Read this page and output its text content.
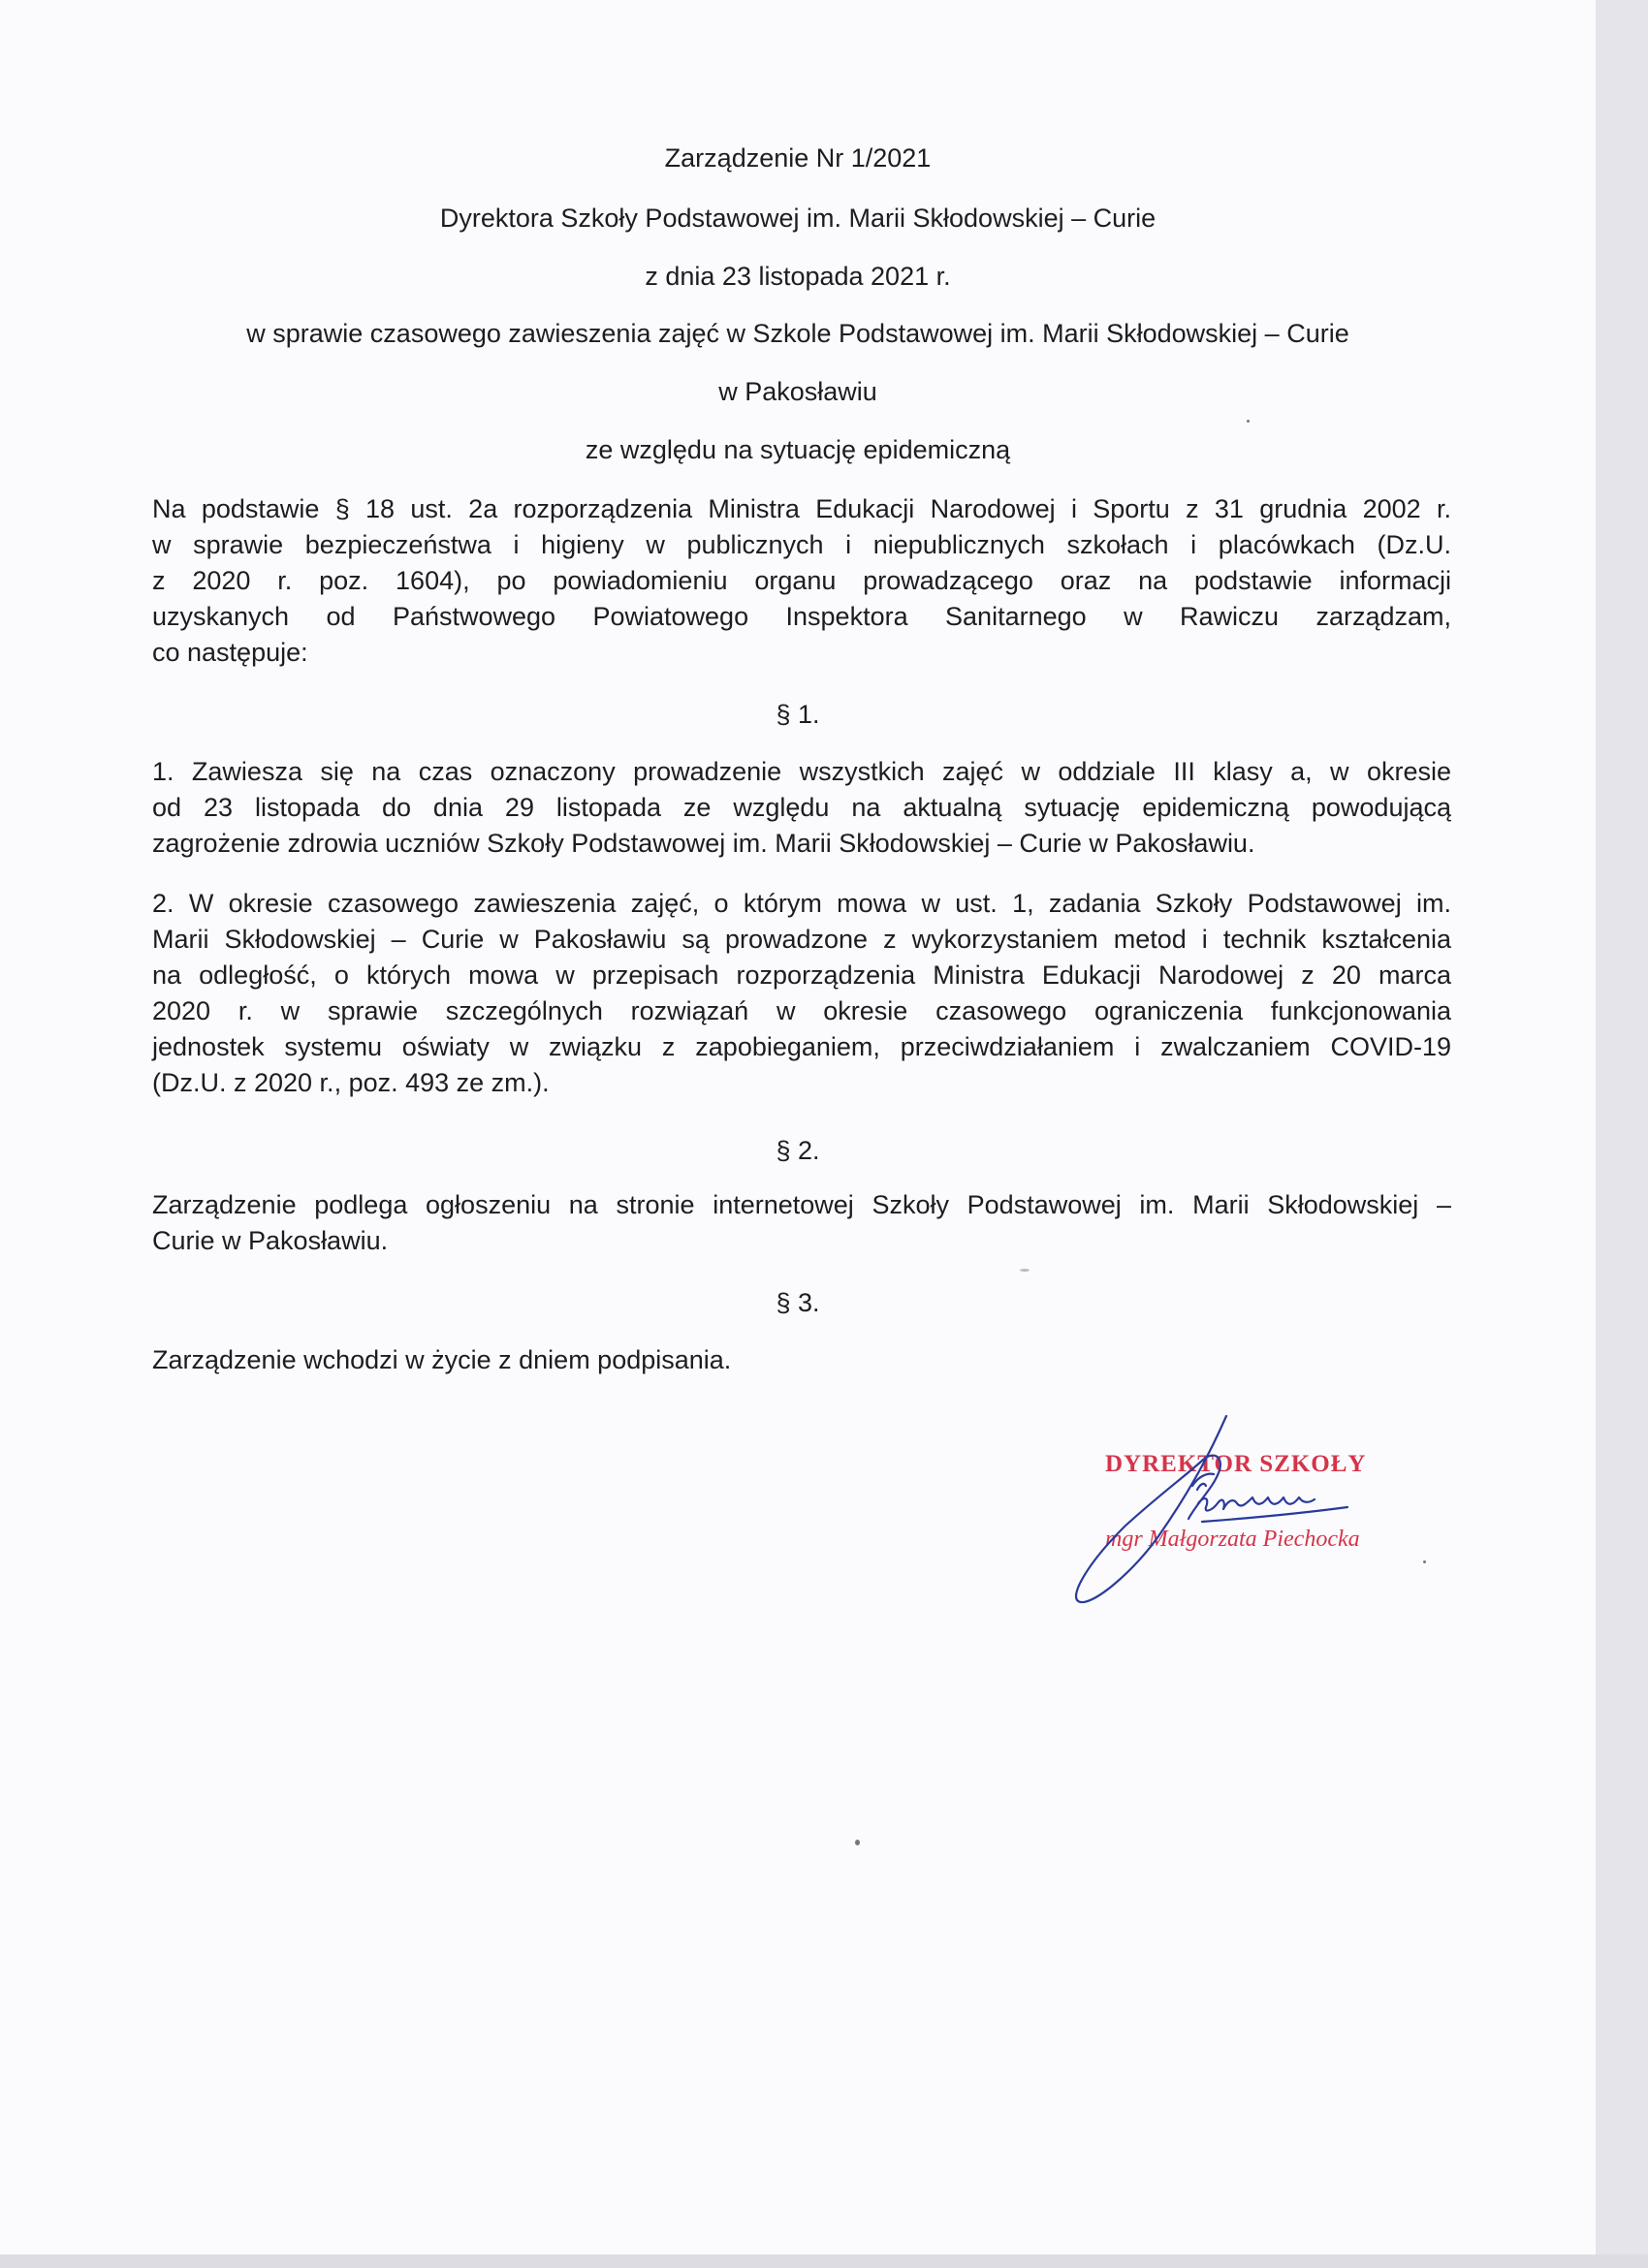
Zarządzenie Nr 1/2021
Dyrektora Szkoły Podstawowej im. Marii Skłodowskiej – Curie
z dnia 23 listopada 2021 r.
w sprawie czasowego zawieszenia zajęć w Szkole Podstawowej im. Marii Skłodowskiej – Curie
w Pakosławiu
ze względu na sytuację epidemiczną
Na podstawie § 18 ust. 2a rozporządzenia Ministra Edukacji Narodowej i Sportu z 31 grudnia 2002 r.
w sprawie bezpieczeństwa i higieny w publicznych i niepublicznych szkołach i placówkach (Dz.U.
z 2020 r. poz. 1604), po powiadomieniu organu prowadzącego oraz na podstawie informacji
uzyskanych od Państwowego Powiatowego Inspektora Sanitarnego w Rawiczu zarządzam,
co następuje:
§ 1.
1. Zawiesza się na czas oznaczony prowadzenie wszystkich zajęć w oddziale III klasy a, w okresie
od 23 listopada do dnia 29 listopada ze względu na aktualną sytuację epidemiczną powodującą
zagrożenie zdrowia uczniów Szkoły Podstawowej im. Marii Skłodowskiej – Curie w Pakosławiu.
2. W okresie czasowego zawieszenia zajęć, o którym mowa w ust. 1, zadania Szkoły Podstawowej im.
Marii Skłodowskiej – Curie w Pakosławiu są prowadzone z wykorzystaniem metod i technik kształcenia
na odległość, o których mowa w przepisach rozporządzenia Ministra Edukacji Narodowej z 20 marca
2020 r. w sprawie szczególnych rozwiązań w okresie czasowego ograniczenia funkcjonowania
jednostek systemu oświaty w związku z zapobieganiem, przeciwdziałaniem i zwalczaniem COVID-19
(Dz.U. z 2020 r., poz. 493 ze zm.).
§ 2.
Zarządzenie podlega ogłoszeniu na stronie internetowej Szkoły Podstawowej im. Marii Skłodowskiej –
Curie w Pakosławiu.
§ 3.
Zarządzenie wchodzi w życie z dniem podpisania.
DYREKTOR SZKOŁY
mgr Małgorzata Piechocka
